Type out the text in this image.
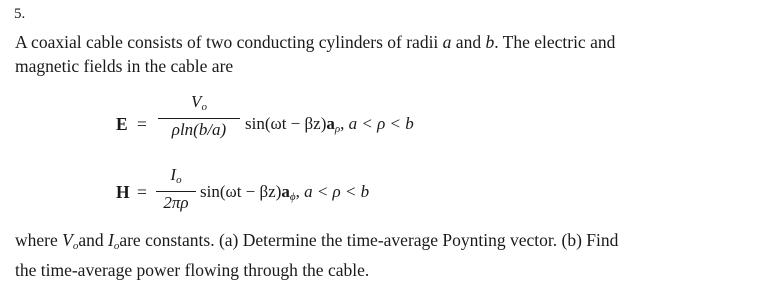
5.
A coaxial cable consists of two conducting cylinders of radii a and b. The electric and
magnetic fields in the cable are
E =
$V_o$
ρln(b/a)	$\sin(\omega t - \beta z)a_\rho$, a < ρ < b
H =
$I_o$
2πρ
$\sin(\omega t - \beta z)a_\phi$, a < ρ < b
where $V_oand$ $I_oare$ constants. (a) Determine the time-average Poynting vector. (b) Find
the time-average power flowing through the cable.
